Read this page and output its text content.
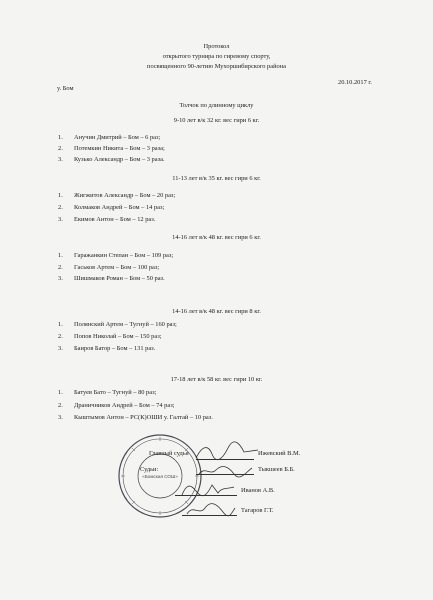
Протокол
открытого турнира по гиревому спорту,
посвященного 90-летию Мухоршибирского района
у. Бом
20.10.2017 г.
Толчок по длинному циклу
9-10 лет в/к 32 кг. вес гири 6 кг.
1. Анучин Дмитрий – Бом – 6 раз;
2. Потемкин Никита – Бом – 3 раза;
3. Кузько Александр – Бом – 3 раза.
11-13 лет в/к 35 кг. вес гири 6 кг.
1. Жигжитов Александр – Бом – 20 раз;
2. Колмаков Андрей – Бом – 14 раз;
3. Екимов Антон – Бом – 12 раз.
14-16 лет в/к 48 кг. вес гири 6 кг.
1. Гаражанкин Степан – Бом – 109 раз;
2. Гаськов Артем – Бом – 100 раз;
3. Шишмаков Роман – Бом – 50 раз.
14-16 лет в/к 48 кг. вес гири 8 кг.
1. Полянский Артем – Тугнуй – 160 раз;
2. Попов Николай – Бом – 150 раз;
3. Баиров Батор – Бом – 131 раз.
17-18 лет в/к 58 кг. вес гири 10 кг.
1. Батуев Бато – Тугнуй – 80 раз;
2. Драничников Андрей – Бом – 74 раз;
3. Кыштымов Антон – РС(К)ОШИ у. Галтай – 10 раз.
«Бомская СОШ»
Главный судья	Ижевский В.М.
Судьи:	Тыкшеев Б.Б.
Иванов А.В.
Тагаров Г.Т.
